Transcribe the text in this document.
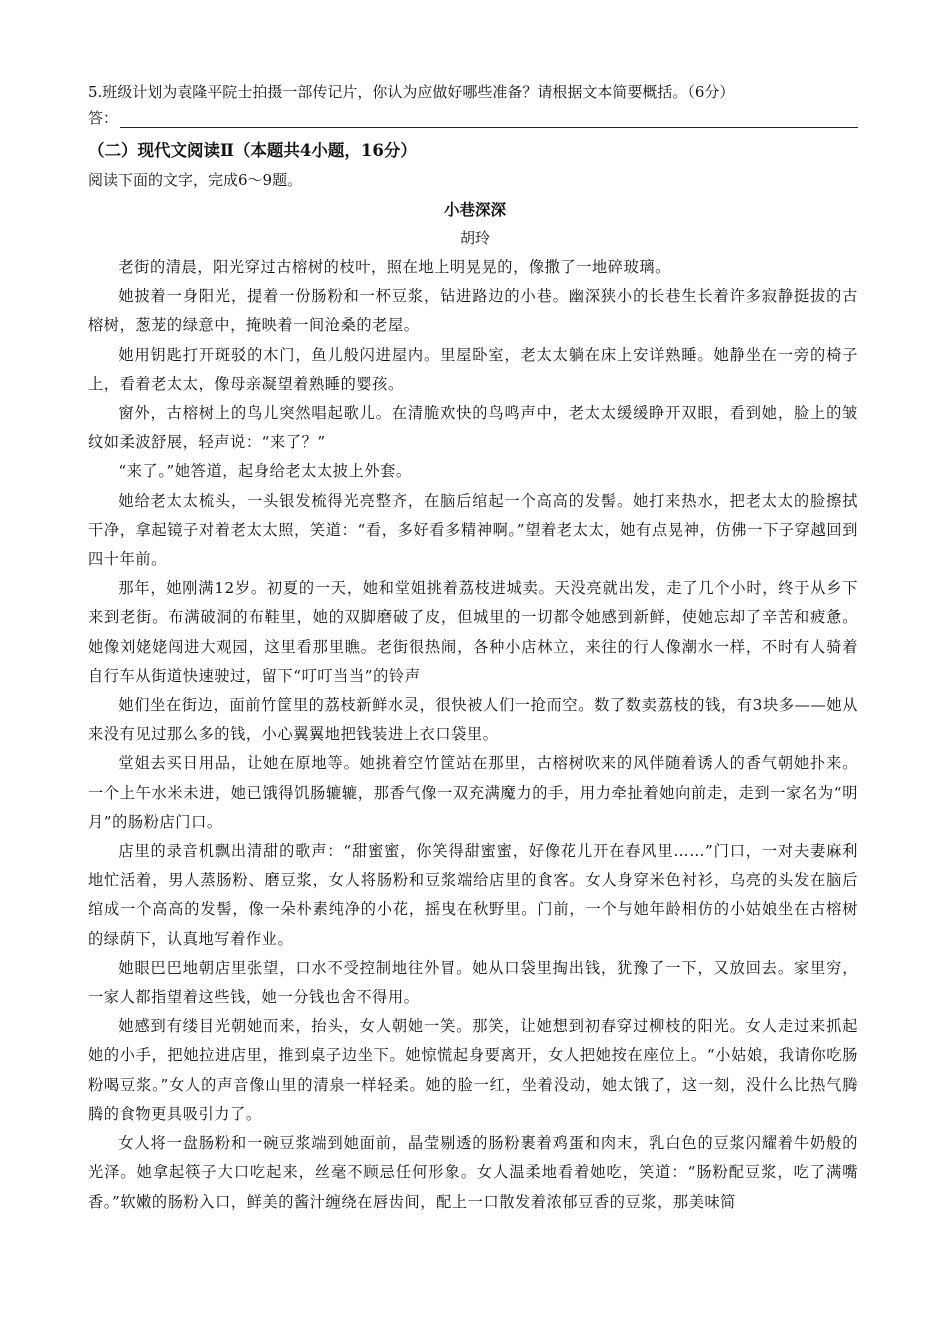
5.班级计划为袁隆平院士拍摄一部传记片，你认为应做好哪些准备？请根据文本简要概括。（6分）
答：
（二）现代文阅读Ⅱ（本题共4小题，16分）
阅读下面的文字，完成6～9题。
小巷深深
胡玲

老街的清晨，阳光穿过古榕树的枝叶，照在地上明晃晃的，像撒了一地碎玻璃。

她披着一身阳光，提着一份肠粉和一杯豆浆，钻进路边的小巷。幽深狭小的长巷生长着许多寂静挺拔的古榕树，葱茏的绿意中，掩映着一间沧桑的老屋。

她用钥匙打开斑驳的木门，鱼儿般闪进屋内。里屋卧室，老太太躺在床上安详熟睡。她静坐在一旁的椅子上，看着老太太，像母亲凝望着熟睡的婴孩。

窗外，古榕树上的鸟儿突然唱起歌儿。在清脆欢快的鸟鸣声中，老太太缓缓睁开双眼，看到她，脸上的皱纹如柔波舒展，轻声说：“来了？”

“来了。”她答道，起身给老太太披上外套。

她给老太太梳头，一头银发梳得光亮整齐，在脑后绾起一个高高的发髻。她打来热水，把老太太的脸擦拭干净，拿起镜子对着老太太照，笑道：“看，多好看多精神啊。”望着老太太，她有点晃神，仿佛一下子穿越回到四十年前。

那年，她刚满12岁。初夏的一天，她和堂姐挑着荔枝进城卖。天没亮就出发，走了几个小时，终于从乡下来到老街。布满破洞的布鞋里，她的双脚磨破了皮，但城里的一切都令她感到新鲜，使她忘却了辛苦和疲惫。她像刘姥姥闯进大观园，这里看那里瞧。老街很热闹，各种小店林立，来往的行人像潮水一样，不时有人骑着自行车从街道快速驶过，留下“叮叮当当”的铃声

她们坐在街边，面前竹筐里的荔枝新鲜水灵，很快被人们一抢而空。数了数卖荔枝的钱，有3块多——她从来没有见过那么多的钱，小心翼翼地把钱装进上衣口袋里。

堂姐去买日用品，让她在原地等。她挑着空竹筐站在那里，古榕树吹来的风伴随着诱人的香气朝她扑来。一个上午水米未进，她已饿得饥肠辘辘，那香气像一双充满魔力的手，用力牵扯着她向前走，走到一家名为“明月”的肠粉店门口。

店里的录音机飘出清甜的歌声：“甜蜜蜜，你笑得甜蜜蜜，好像花儿开在春风里……”门口，一对夫妻麻利地忙活着，男人蒸肠粉、磨豆浆，女人将肠粉和豆浆端给店里的食客。女人身穿米色衬衫，乌亮的头发在脑后绾成一个高高的发髻，像一朵朴素纯净的小花，摇曳在秋野里。门前，一个与她年龄相仿的小姑娘坐在古榕树的绿荫下，认真地写着作业。

她眼巴巴地朝店里张望，口水不受控制地往外冒。她从口袋里掏出钱，犹豫了一下，又放回去。家里穷，一家人都指望着这些钱，她一分钱也舍不得用。

她感到有缕目光朝她而来，抬头，女人朝她一笑。那笑，让她想到初春穿过柳枝的阳光。女人走过来抓起她的小手，把她拉进店里，推到桌子边坐下。她惊慌起身要离开，女人把她按在座位上。“小姑娘，我请你吃肠粉喝豆浆。”女人的声音像山里的清泉一样轻柔。她的脸一红，坐着没动，她太饿了，这一刻，没什么比热气腾腾的食物更具吸引力了。

女人将一盘肠粉和一碗豆浆端到她面前，晶莹剔透的肠粉裹着鸡蛋和肉末，乳白色的豆浆闪耀着牛奶般的光泽。她拿起筷子大口吃起来，丝毫不顾忌任何形象。女人温柔地看着她吃，笑道：“肠粉配豆浆，吃了满嘴香。”软嫩的肠粉入口，鲜美的酱汁缠绕在唇齿间，配上一口散发着浓郁豆香的豆浆，那美味简
